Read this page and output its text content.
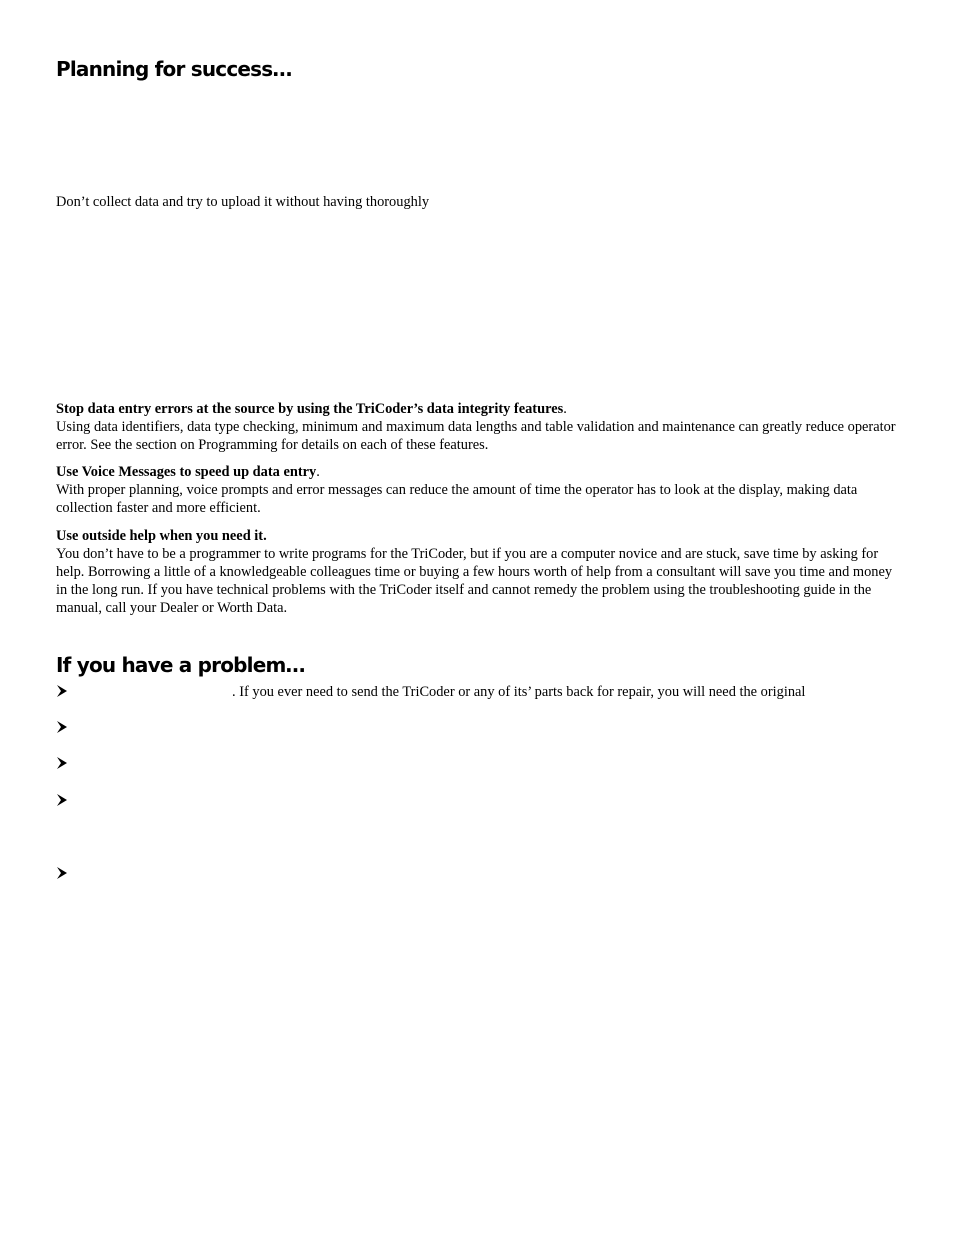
Planning for success…

Don’t collect data and try to upload it without having thoroughly

Stop data entry errors at the source by using the TriCoder’s data integrity features.
Using data identifiers, data type checking, minimum and maximum data lengths and table validation and maintenance can greatly reduce operator error. See the section on Programming for details on each of these features.

Use Voice Messages to speed up data entry.
With proper planning, voice prompts and error messages can reduce the amount of time the operator has to look at the display, making data collection faster and more efficient.

Use outside help when you need it.
You don’t have to be a programmer to write programs for the TriCoder, but if you are a computer novice and are stuck, save time by asking for help. Borrowing a little of a knowledgeable colleagues time or buying a few hours worth of help from a consultant will save you time and money in the long run. If you have technical problems with the TriCoder itself and cannot remedy the problem using the troubleshooting guide in the manual, call your Dealer or Worth Data.

If you have a problem…
. If you ever need to send the TriCoder or any of its’ parts back for repair, you will need the original
